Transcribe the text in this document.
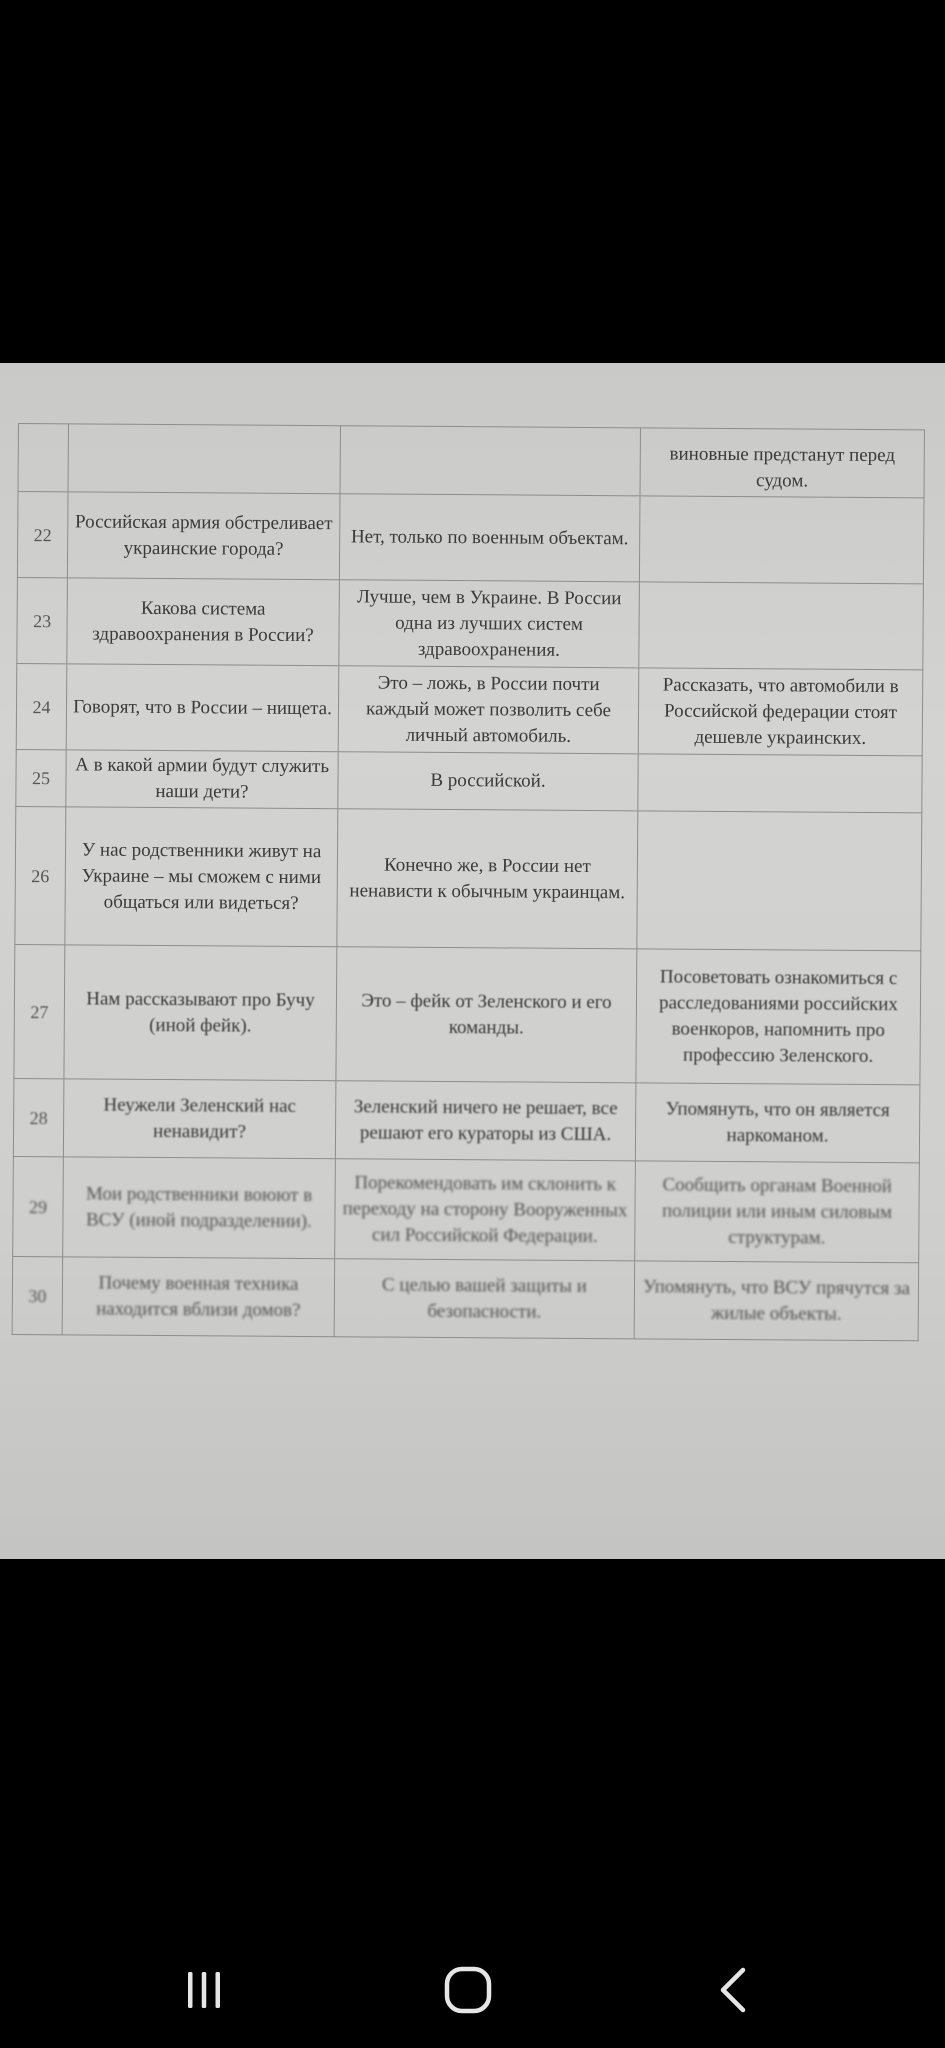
			виновные предстанут перед судом.
22	Российская армия обстреливает украинские города?	Нет, только по военным объектам.	
23	Какова система здравоохранения в России?	Лучше, чем в Украине. В России одна из лучших систем здравоохранения.	
24	Говорят, что в России – нищета.	Это – ложь, в России почти каждый может позволить себе личный автомобиль.	Рассказать, что автомобили в Российской федерации стоят дешевле украинских.
25	А в какой армии будут служить наши дети?	В российской.	
26	У нас родственники живут на Украине – мы сможем с ними общаться или видеться?	Конечно же, в России нет ненависти к обычным украинцам.	
27	Нам рассказывают про Бучу (иной фейк).	Это – фейк от Зеленского и его команды.	Посоветовать ознакомиться с расследованиями российских военкоров, напомнить про профессию Зеленского.
28	Неужели Зеленский нас ненавидит?	Зеленский ничего не решает, все решают его кураторы из США.	Упомянуть, что он является наркоманом.
29	Мои родственники воюют в ВСУ (иной подразделении).	Порекомендовать им склонить к переходу на сторону Вооруженных сил Российской Федерации.	Сообщить органам Военной полиции или иным силовым структурам.
30	Почему военная техника находится вблизи домов?	С целью вашей защиты и безопасности.	Упомянуть, что ВСУ прячутся за жилые объекты.
